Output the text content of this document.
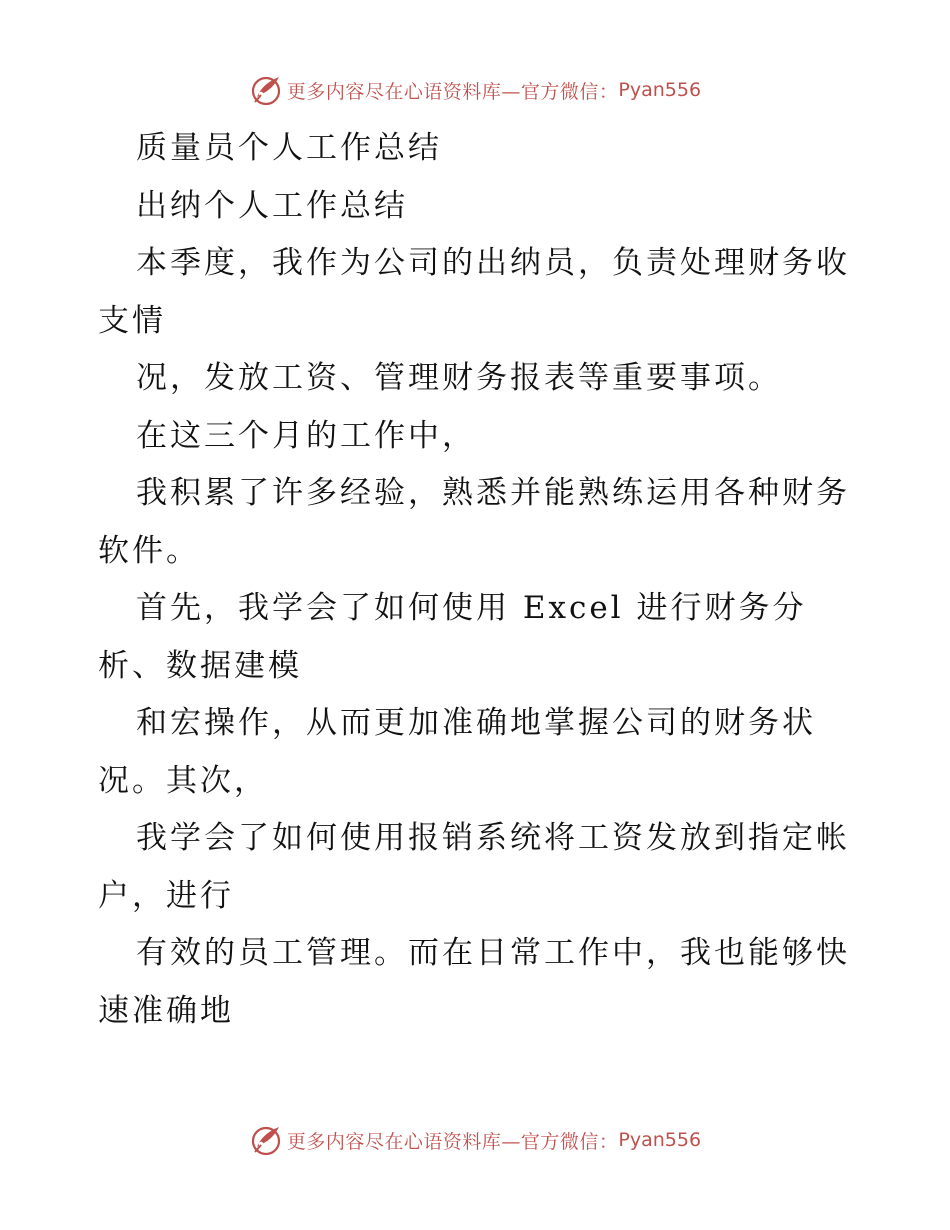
更多内容尽在心语资料库—官方微信： Pyan556
质量员个人工作总结
出纳个人工作总结
本季度，我作为公司的出纳员，负责处理财务收
支情
况，发放工资、管理财务报表等重要事项。
在这三个月的工作中，
我积累了许多经验，熟悉并能熟练运用各种财务
软件。
首先，我学会了如何使用 Excel 进行财务分
析、数据建模
和宏操作，从而更加准确地掌握公司的财务状
况。其次，
我学会了如何使用报销系统将工资发放到指定帐
户，进行
有效的员工管理。而在日常工作中，我也能够快
速准确地
更多内容尽在心语资料库—官方微信： Pyan556
